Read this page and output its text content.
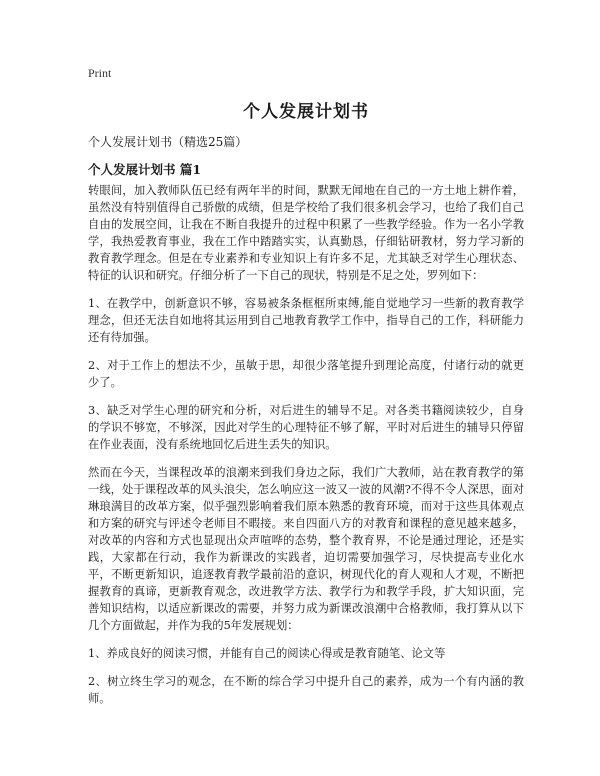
Print
个人发展计划书
个人发展计划书（精选25篇）
个人发展计划书 篇1

转眼间，加入教师队伍已经有两年半的时间，默默无闻地在自己的一方土地上耕作着，虽然没有特别值得自己骄傲的成绩，但是学校给了我们很多机会学习，也给了我们自己自由的发展空间，让我在不断自我提升的过程中积累了一些教学经验。作为一名小学教学，我热爱教育事业，我在工作中踏踏实实，认真勤恳，仔细钻研教材，努力学习新的教育教学理念。但是在专业素养和专业知识上有许多不足，尤其缺乏对学生心理状态、特征的认识和研究。仔细分析了一下自己的现状，特别是不足之处，罗列如下：

1、在教学中，创新意识不够，容易被条条框框所束缚,能自觉地学习一些新的教育教学理念，但还无法自如地将其运用到自己地教育教学工作中，指导自己的工作，科研能力还有待加强。

2、对于工作上的想法不少，虽敏于思，却很少落笔提升到理论高度，付诸行动的就更少了。

3、缺乏对学生心理的研究和分析，对后进生的辅导不足。对各类书籍阅读较少，自身的学识不够宽，不够深，因此对学生的心理特征不够了解，平时对后进生的辅导只停留在作业表面，没有系统地回忆后进生丢失的知识。

然而在今天，当课程改革的浪潮来到我们身边之际，我们广大教师，站在教育教学的第一线，处于课程改革的风头浪尖，怎么响应这一波又一波的风潮?不得不令人深思，面对琳琅满目的改革方案，似乎强烈影响着我们原本熟悉的教育环境，而对于这些具体观点和方案的研究与评述令老师目不暇接。来自四面八方的对教育和课程的意见越来越多，对改革的内容和方式也显现出众声喧哗的态势，整个教育界，不论是通过理论，还是实践，大家都在行动，我作为新课改的实践者，迫切需要加强学习，尽快提高专业化水平，不断更新知识，追逐教育教学最前沿的意识，树现代化的育人观和人才观，不断把握教育的真谛，更新教育观念，改进教学方法、教学行为和教学手段，扩大知识面，完善知识结构，以适应新课改的需要，并努力成为新课改浪潮中合格教师，我打算从以下几个方面做起，并作为我的5年发展规划：

1、养成良好的阅读习惯，并能有自己的阅读心得或是教育随笔、论文等

2、树立终生学习的观念，在不断的综合学习中提升自己的素养，成为一个有内涵的教师。
